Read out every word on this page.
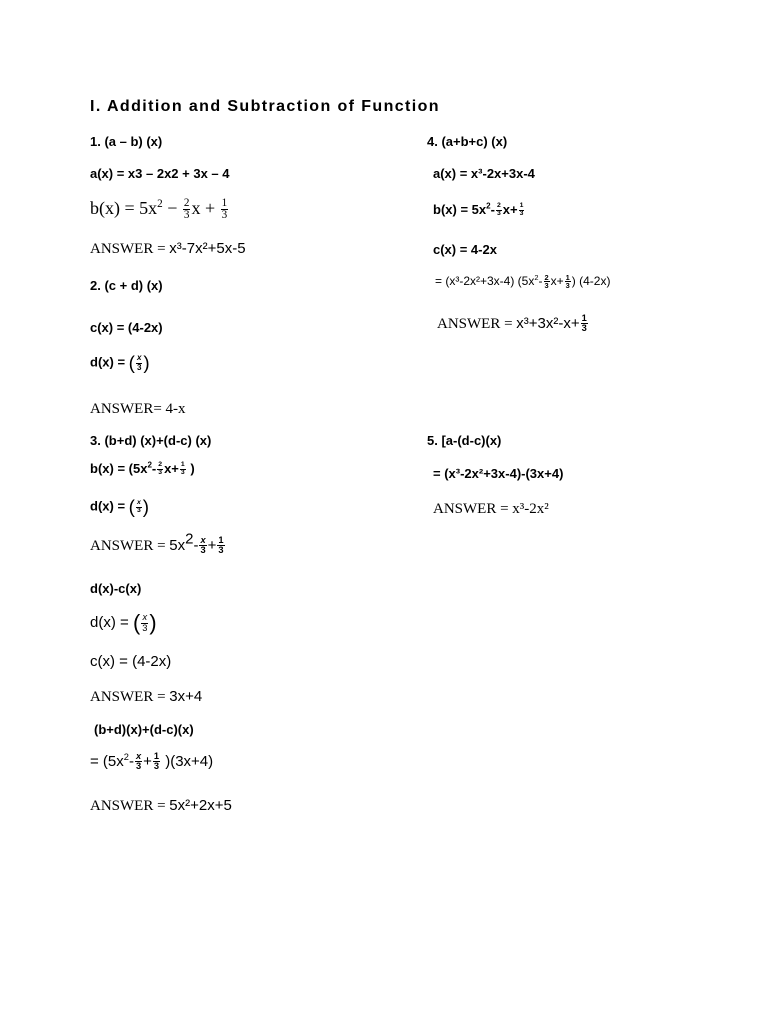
I. Addition and Subtraction of Function
1. (a – b) (x)
a(x) = x3 – 2x2 + 3x – 4
$b(x) = 5x^2 - \frac{2}{3}$ $x + \frac{1}{3}$
ANSWER = x³-7x²+5x-5
2. (c + d) (x)
c(x) = (4-2x)
d(x) = ( $\frac{x}{3}$ )
ANSWER= 4-x
3. (b+d) (x)+(d-c) (x)
$b(x) = (5x^2- \frac{2}{3} x+ \frac{1}{3}$ )
d(x) = ( $\frac{x}{3}$ )
ANSWER = $5x^2- \frac{x}{3} + \frac{1}{3}$
d(x)-c(x)
d(x) = ( $\frac{x}{3}$ )
c(x) = (4-2x)
ANSWER = 3x+4
(b+d)(x)+(d-c)(x)
= $(5x^2- \frac{x}{3} + \frac{1}{3} )(3x+4)$
ANSWER = 5x²+2x+5
4. (a+b+c) (x)
a(x) = x³-2x+3x-4
$b(x) = 5x^2- \frac{2}{3} x+ \frac{1}{3}$
c(x) = 4-2x
= (x³-2x²+3x-4) ($5x^2- \frac{2}{3} x+ \frac{1}{3}$ ) (4-2x)
ANSWER = $x^3+3x^2-x+ \frac{1}{3}$
5. [a-(d-c)(x)
= (x³-2x²+3x-4)-(3x+4)
ANSWER = x³-2x²
